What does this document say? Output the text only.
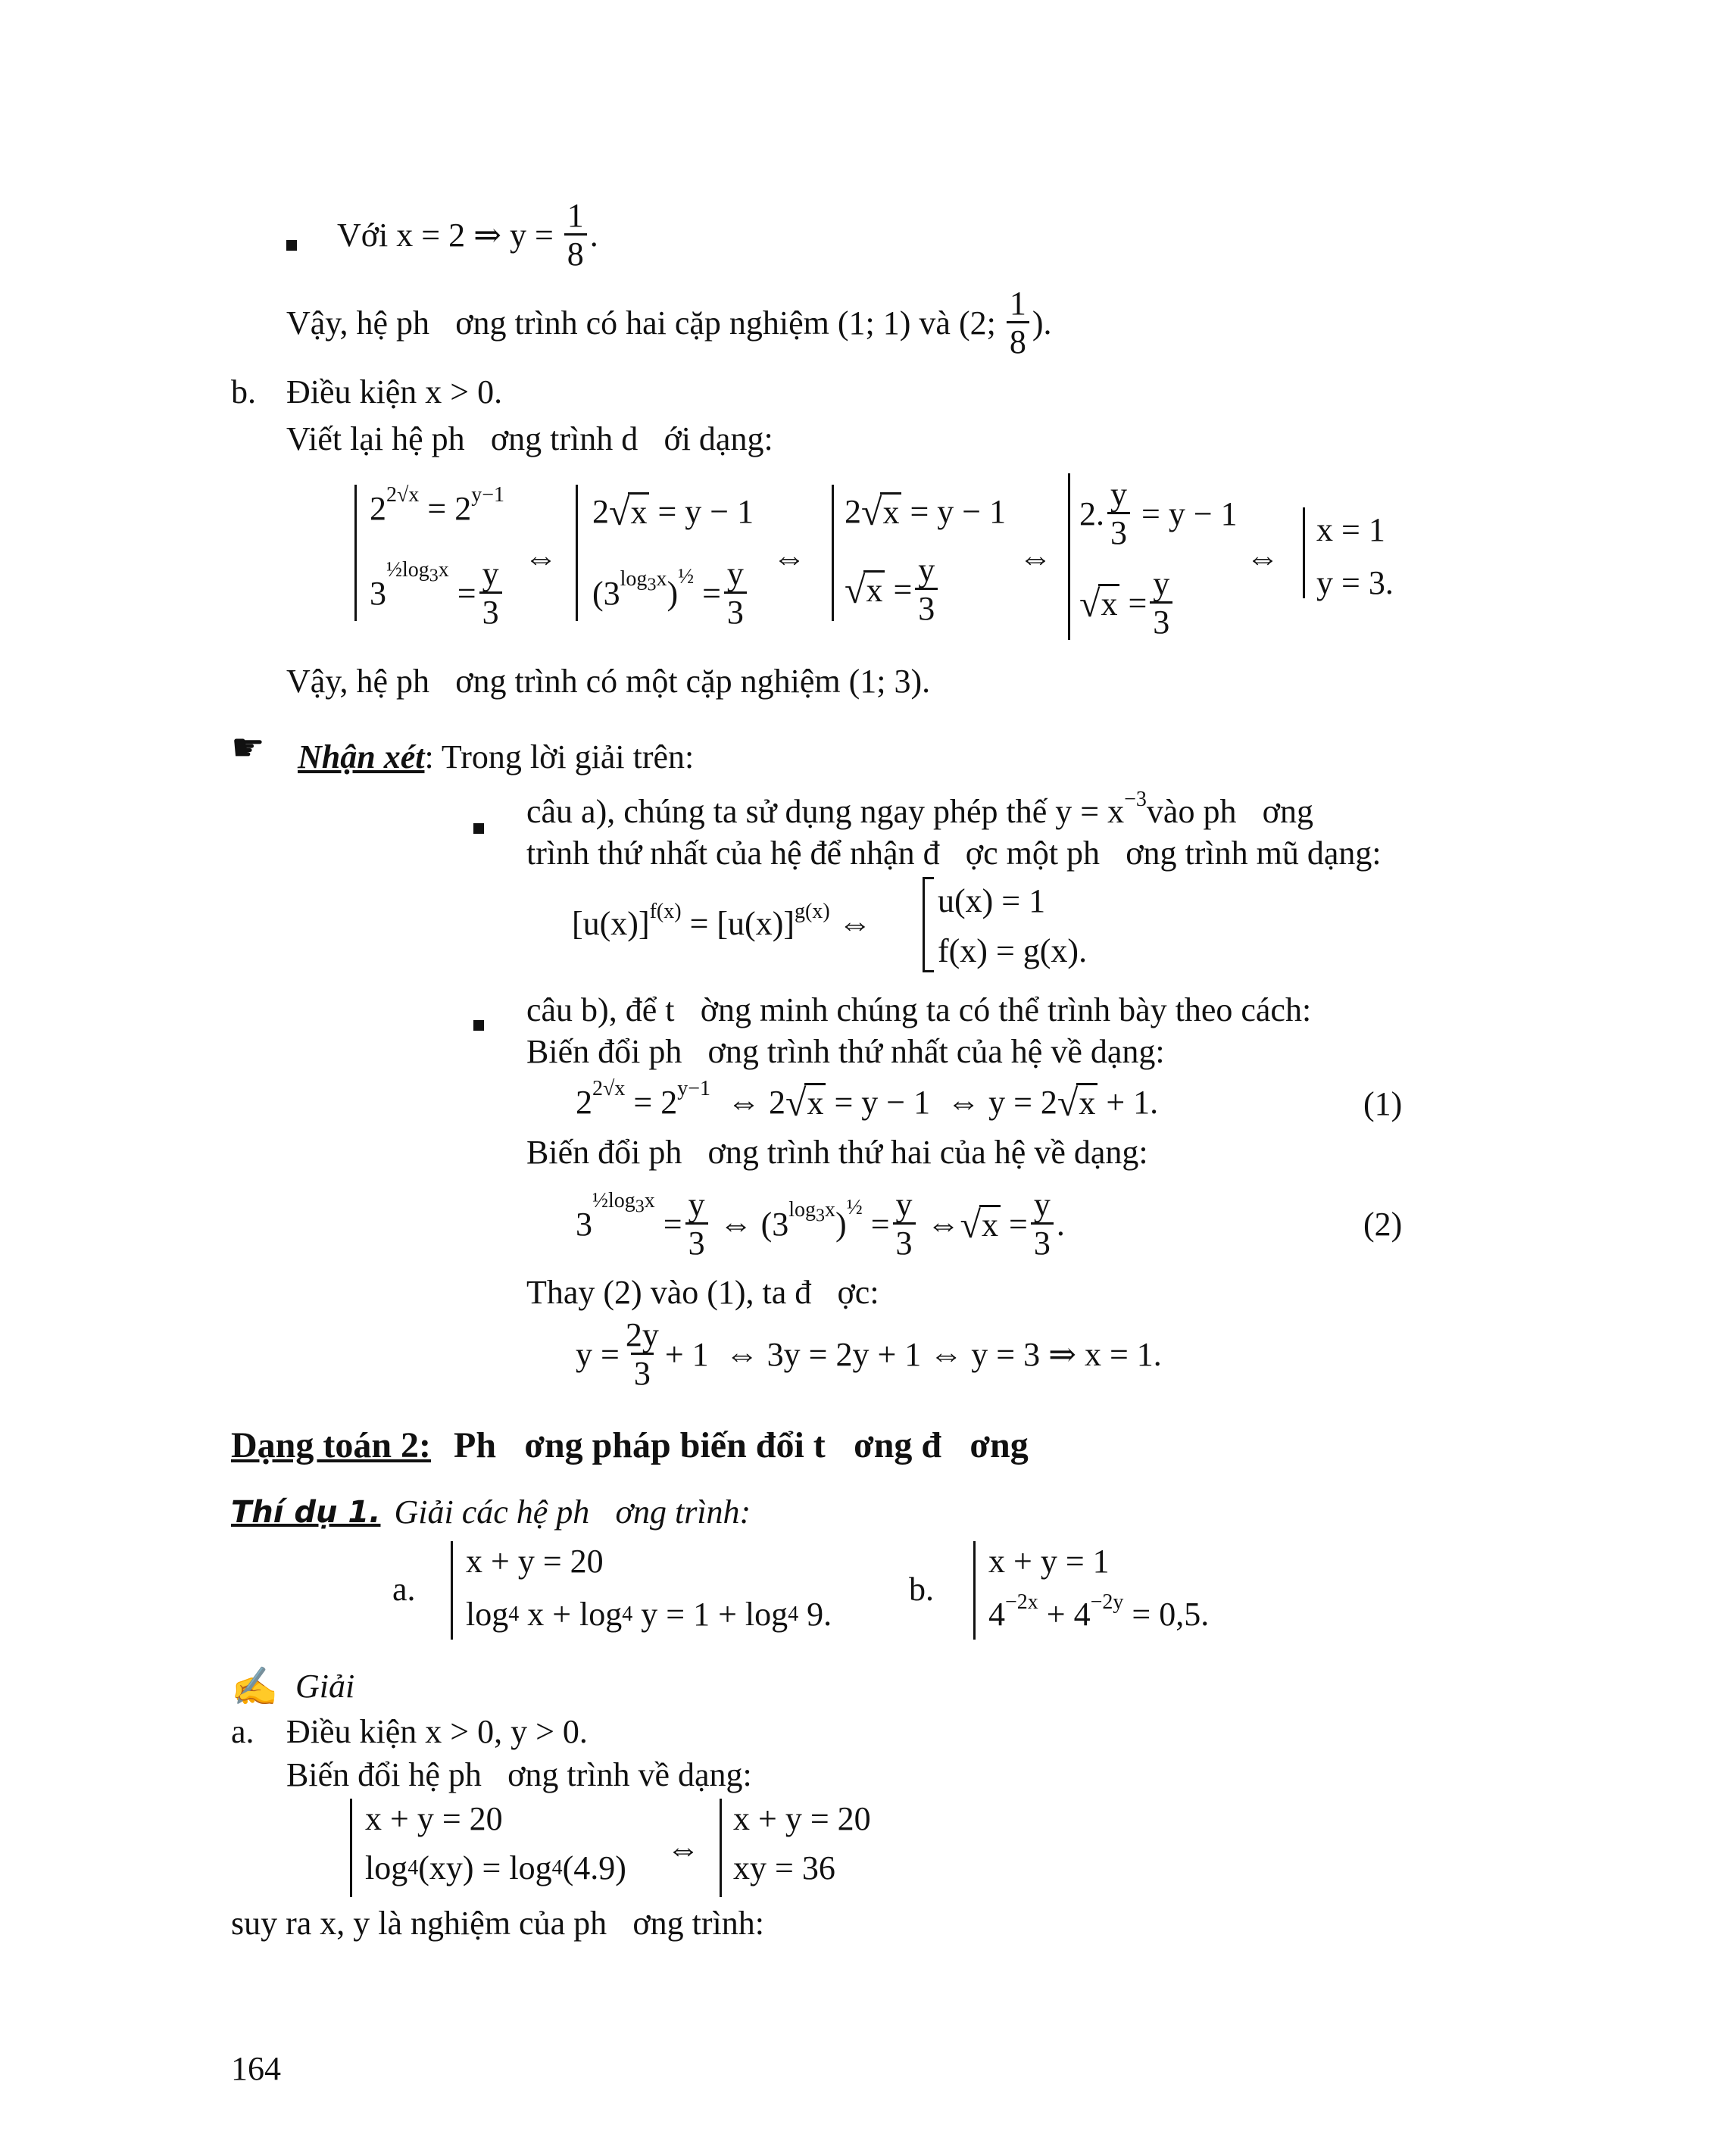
Với x = 2 ⇒ $y = \frac{1}{8}$ .
Vậy, hệ ph ơng trình có hai cặp nghiệm (1; 1) và (2; $\frac{1}{8}$ ).
b. Điều kiện x > 0.
Viết lại hệ ph ơng trình d ới dạng:
$2^{2√x} = 2^{y-1}$
3
$^{\frac{1}{2}log_3x}$
= $\frac{y}{3}$ ⇔
2 √ x = y − 1
($3^{log_3x}$ )$^{\frac{1}{2}} = \frac{y}{3}$ ⇔
2 √ x = y − 1
√ $x = \frac{y}{3}$ ⇔
2. $\frac{y}{3} = y - 1$
√ $x = \frac{y}{3}$
⇔
x = 1
y = 3 .
Vậy, hệ ph ơng trình có một cặp nghiệm (1; 3).
☛ Nhận xét : Trong lời giải trên:
câu a), chúng ta sử dụng ngay phép thế $y = x^{-3}$ vào ph ơng
trình thứ nhất của hệ để nhận đ ợc một ph ơng trình mũ dạng:
$[u(x)]^{f(x)} = [u(x)]^{g(x)}$ ⇔
u(x) = 1
f(x) = g(x) .
câu b), để t ờng minh chúng ta có thể trình bày theo cách:
Biến đổi ph ơng trình thứ nhất của hệ về dạng:
$2^{2√x} = 2^{y-1}$ ⇔ 2 √ x = y − 1  ⇔ y = 2 √ x + 1.	(1)
Biến đổi ph ơng trình thứ hai của hệ về dạng:
3
$^{\frac{1}{2}log_3x}$
= $\frac{y}{3}$ ⇔ ($3^{log_3x}$ )$^{\frac{1}{2}} = \frac{y}{3}$ ⇔ √ $x = \frac{y}{3}$ .	(2)
Thay (2) vào (1), ta đ ợc:
$y = \frac{2y}{3} + 1$  ⇔ 3y = 2y + 1 ⇔ y = 3 ⇒ x = 1.
Dạng toán 2: Ph ơng pháp biến đổi t ơng đ ơng
Thí dụ 1. Giải các hệ ph ơng trình:
a.
x + y = 20
log 4 x + log 4 y = 1 + log 4 9 .
b.
x + y = 1
$4^{-2x} + 4^{-2y} = 0,5$ .
✍ Giải
a. Điều kiện x > 0, y > 0.
Biến đổi hệ ph ơng trình về dạng:
x + y = 20
log 4 (xy) = log 4 (4.9)
⇔
x + y = 20
xy = 36
suy ra x, y là nghiệm của ph ơng trình:
164
